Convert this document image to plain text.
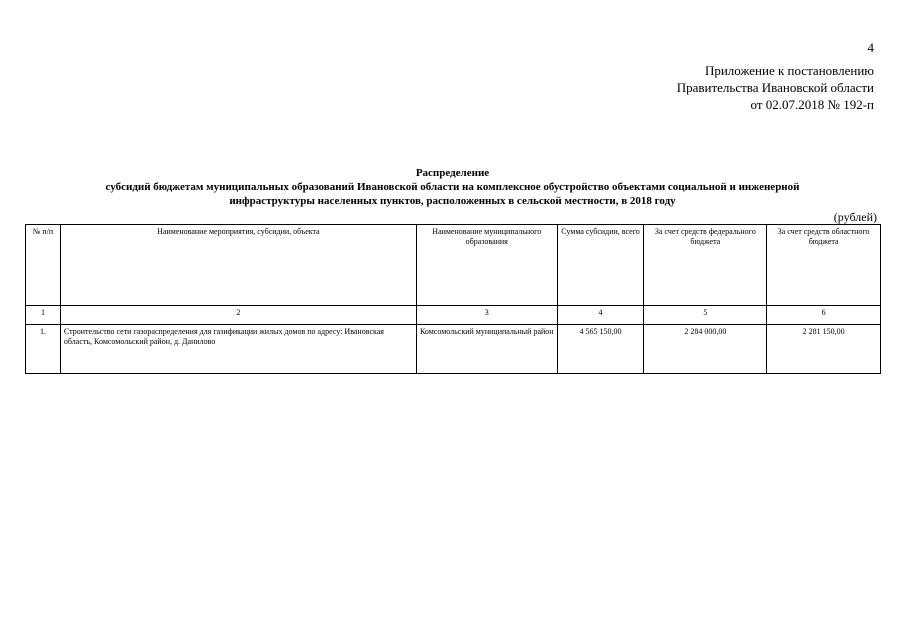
4
Приложение к постановлению
Правительства Ивановской области
от 02.07.2018 № 192-п
Распределение
субсидий бюджетам муниципальных образований Ивановской области на комплексное обустройство объектами социальной и инженерной
инфраструктуры населенных пунктов, расположенных в сельской местности, в 2018 году
(рублей)
№ п/п	Наименование мероприятия, субсидии, объекта	Наименование муниципального образования	Сумма субсидии, всего	За счет средств федерального бюджета	За счет средств областного бюджета
1	2	3	4	5	6
1.	Строительство сети газораспределения для газификации жилых домов по адресу: Ивановская область, Комсомольский район, д. Данилово	Комсомольский муниципальный район	4 565 150,00	2 284 000,00	2 281 150,00
